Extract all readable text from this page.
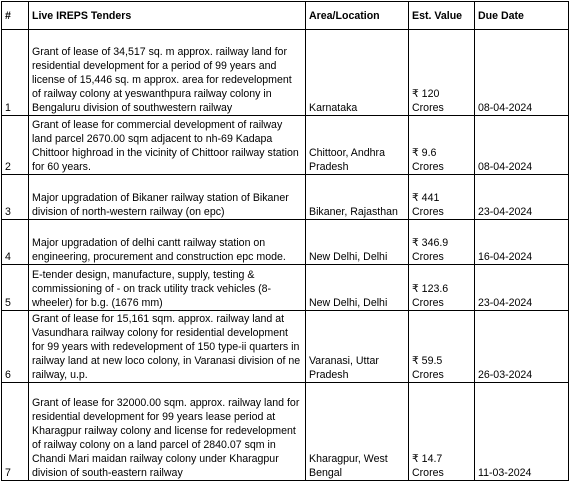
#	Live IREPS Tenders	Area/Location	Est. Value	Due Date
1	Grant of lease of 34,517 sq. m approx. railway land for residential development for a period of 99 years and license of 15,446 sq. m approx. area for redevelopment of railway colony at yeswanthpura railway colony in Bengaluru division of southwestern railway	Karnataka	₹ 120 Crores	08-04-2024
2	Grant of lease for commercial development of railway land parcel 2670.00 sqm adjacent to nh-69 Kadapa Chittoor highroad in the vicinity of Chittoor railway station for 60 years.	Chittoor, Andhra Pradesh	₹ 9.6 Crores	08-04-2024
3	Major upgradation of Bikaner railway station of Bikaner division of north-western railway (on epc)	Bikaner, Rajasthan	₹ 441 Crores	23-04-2024
4	Major upgradation of delhi cantt railway station on engineering, procurement and construction epc mode.	New Delhi, Delhi	₹ 346.9 Crores	16-04-2024
5	E-tender design, manufacture, supply, testing & commissioning of - on track utility track vehicles (8-wheeler) for b.g. (1676 mm)	New Delhi, Delhi	₹ 123.6 Crores	23-04-2024
6	Grant of lease for 15,161 sqm. approx. railway land at Vasundhara railway colony for residential development for 99 years with redevelopment of 150 type-ii quarters in railway land at new loco colony, in Varanasi division of ne railway, u.p.	Varanasi, Uttar Pradesh	₹ 59.5 Crores	26-03-2024
7	Grant of lease for 32000.00 sqm. approx. railway land for residential development for 99 years lease period at Kharagpur railway colony and license for redevelopment of railway colony on a land parcel of 2840.07 sqm in Chandi Mari maidan railway colony under Kharagpur division of south-eastern railway	Kharagpur, West Bengal	₹ 14.7 Crores	11-03-2024
